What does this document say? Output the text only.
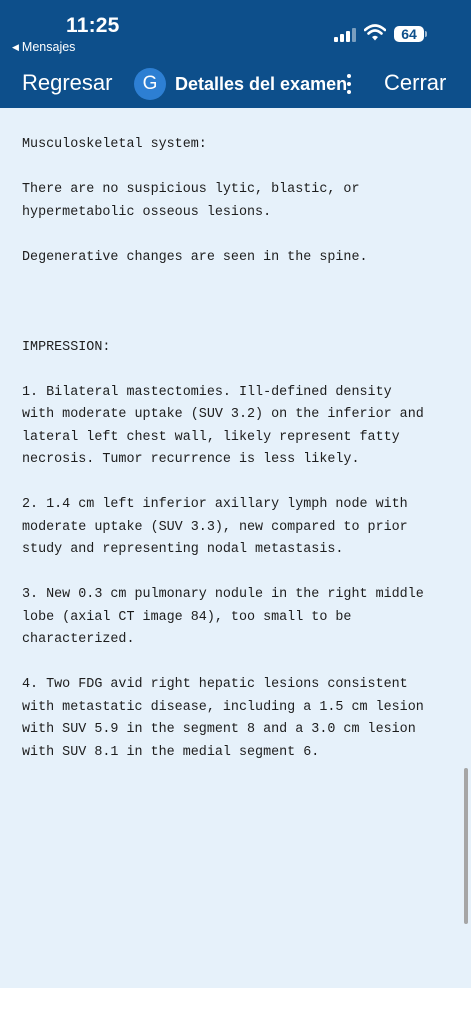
11:25
◀ Mensajes
64
Regresar	G Detalles del examen Cerrar

Musculoskeletal system:

There are no suspicious lytic, blastic, or
hypermetabolic osseous lesions.

Degenerative changes are seen in the spine.

IMPRESSION:

1. Bilateral mastectomies. Ill-defined density
with moderate uptake (SUV 3.2) on the inferior and
lateral left chest wall, likely represent fatty
necrosis. Tumor recurrence is less likely.

2. 1.4 cm left inferior axillary lymph node with
moderate uptake (SUV 3.3), new compared to prior
study and representing nodal metastasis.

3. New 0.3 cm pulmonary nodule in the right middle
lobe (axial CT image 84), too small to be
characterized.

4. Two FDG avid right hepatic lesions consistent
with metastatic disease, including a 1.5 cm lesion
with SUV 5.9 in the segment 8 and a 3.0 cm lesion
with SUV 8.1 in the medial segment 6.
